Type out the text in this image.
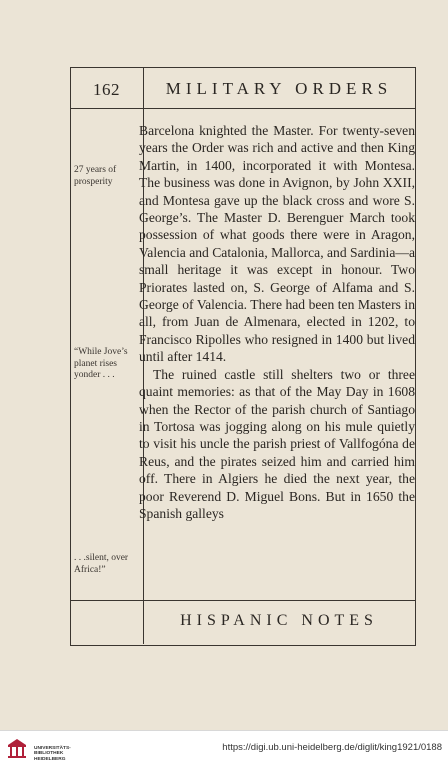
162	MILITARY ORDERS
27 years of prosperity
“While Jove’s planet rises yonder . . .
. . .silent, over Africa!”

Barcelona knighted the Master. For twenty-seven years the Order was rich and active and then King Martin, in 1400, incorporated it with Montesa. The business was done in Avignon, by John XXII, and Montesa gave up the black cross and wore S. George’s. The Master D. Berenguer March took possession of what goods there were in Aragon, Valencia and Catalonia, Mallorca, and Sardinia—a small heritage it was except in honour. Two Priorates lasted on, S. George of Alfama and S. George of Valencia. There had been ten Masters in all, from Juan de Almenara, elected in 1202, to Francisco Ripolles who resigned in 1400 but lived until after 1414.

The ruined castle still shelters two or three quaint memories: as that of the May Day in 1608 when the Rector of the parish church of Santiago in Tortosa was jogging along on his mule quietly to visit his uncle the parish priest of Vallfogóna de Reus, and the pirates seized him and carried him off. There in Algiers he died the next year, the poor Reverend D. Miguel Bons. But in 1650 the Spanish galleys

HISPANIC NOTES
UNIVERSITÄTS-
BIBLIOTHEK
HEIDELBERG
https://digi.ub.uni-heidelberg.de/diglit/king1921/0188
